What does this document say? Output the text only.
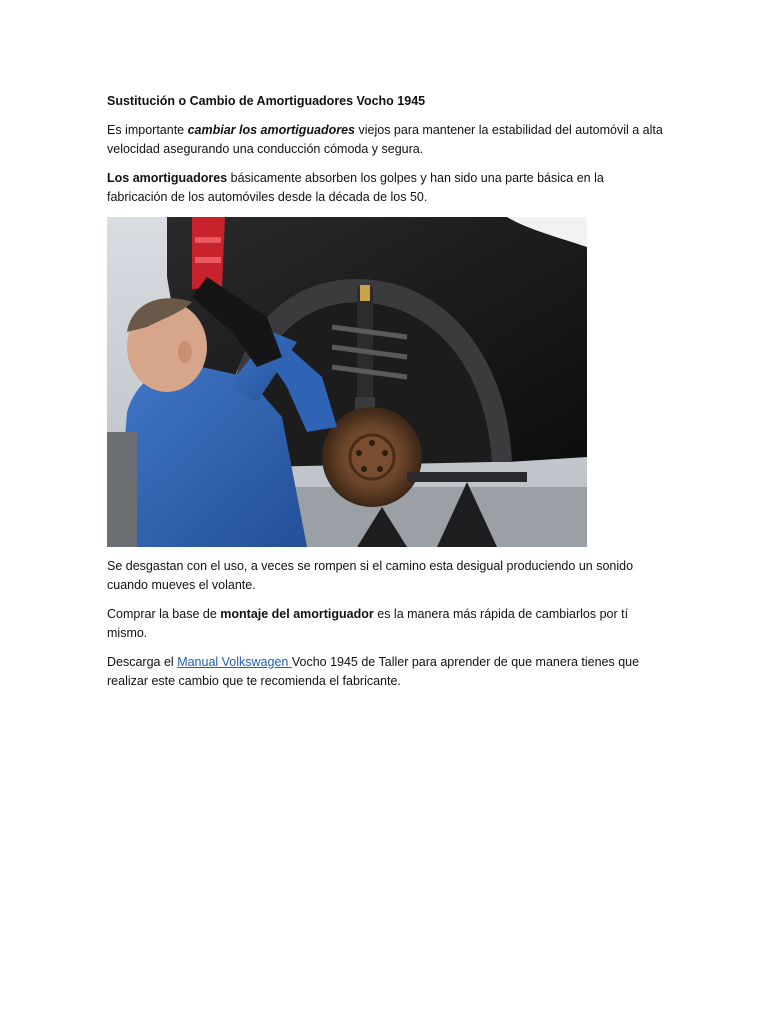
Sustitución o Cambio de Amortiguadores Vocho 1945

Es importante cambiar los amortiguadores viejos para mantener la estabilidad del automóvil a alta velocidad asegurando una conducción cómoda y segura.

Los amortiguadores básicamente absorben los golpes y han sido una parte básica en la fabricación de los automóviles desde la década de los 50.

Se desgastan con el uso, a veces se rompen si el camino esta desigual produciendo un sonido cuando mueves el volante.

Comprar la base de montaje del amortiguador es la manera más rápida de cambiarlos por tí mismo.

Descarga el Manual Volkswagen Vocho 1945 de Taller para aprender de que manera tienes que realizar este cambio que te recomienda el fabricante.
